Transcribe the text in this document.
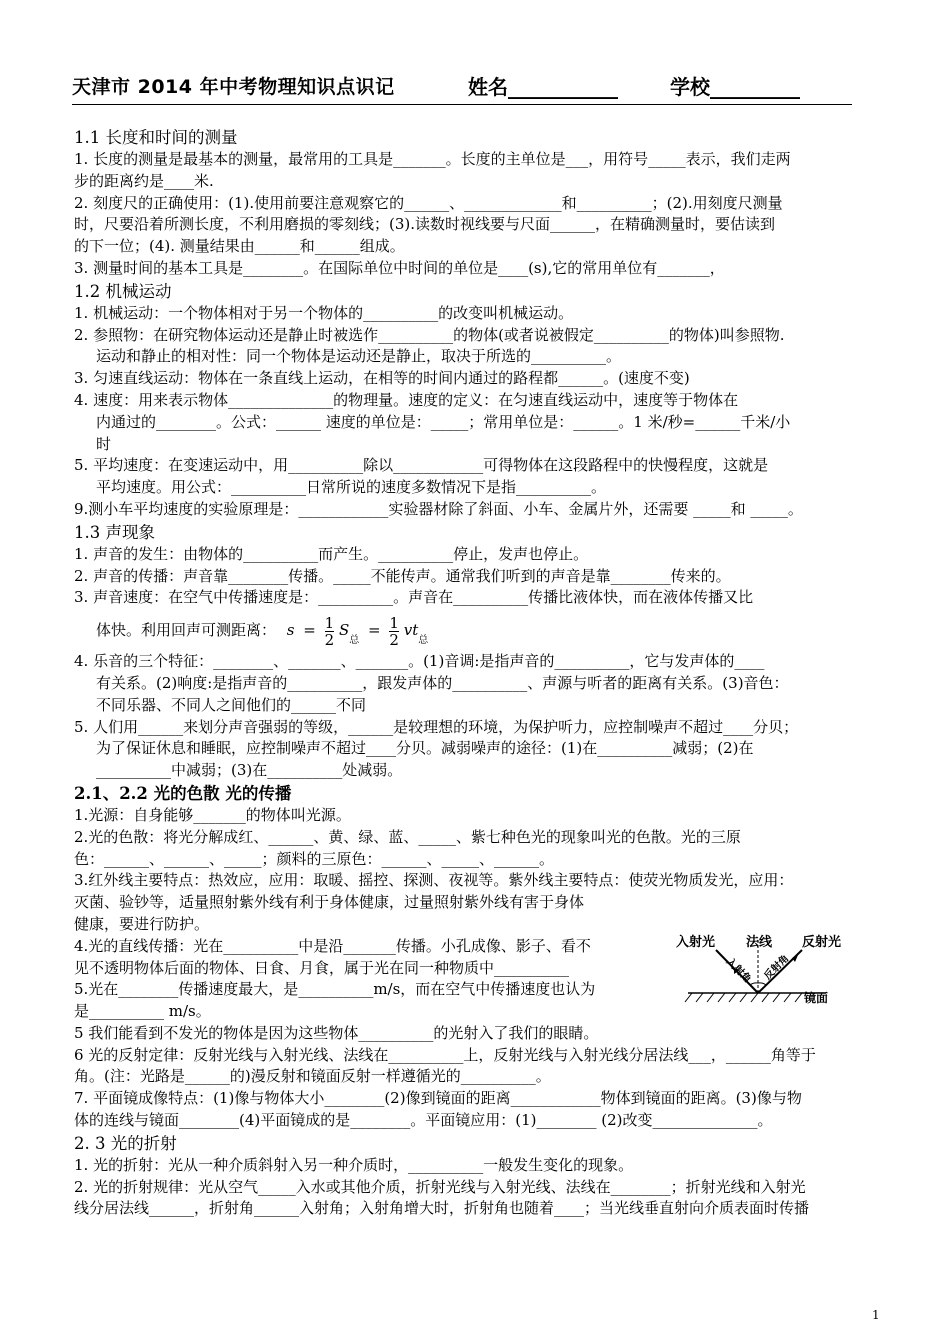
天津市 2014 年中考物理知识点识记	姓名___________	学校_________
1.1 长度和时间的测量
1. 长度的测量是最基本的测量，最常用的工具是_______。长度的主单位是___，用符号_____表示，我们走两
步的距离约是____米.
2. 刻度尺的正确使用：(1).使用前要注意观察它的______、_____________和__________；(2).用刻度尺测量
时，尺要沿着所测长度，不利用磨损的零刻线；(3).读数时视线要与尺面______，在精确测量时，要估读到
的下一位；(4). 测量结果由______和______组成。
3. 测量时间的基本工具是________。在国际单位中时间的单位是____(s),它的常用单位有_______，
1.2 机械运动
1. 机械运动：一个物体相对于另一个物体的__________的改变叫机械运动。
2. 参照物：在研究物体运动还是静止时被选作__________的物体(或者说被假定__________的物体)叫参照物.
运动和静止的相对性：同一个物体是运动还是静止，取决于所选的__________。
3. 匀速直线运动：物体在一条直线上运动，在相等的时间内通过的路程都______。(速度不变)
4. 速度：用来表示物体______________的物理量。速度的定义：在匀速直线运动中，速度等于物体在
内通过的________。公式：______ 速度的单位是：_____；常用单位是：______。1 米/秒=______千米/小
时
5. 平均速度：在变速运动中，用__________除以____________可得物体在这段路程中的快慢程度，这就是
平均速度。用公式：__________日常所说的速度多数情况下是指__________。
9.测小车平均速度的实验原理是：____________实验器材除了斜面、小车、金属片外，还需要 _____和 _____。
1.3 声现象
1. 声音的发生：由物体的__________而产生。__________停止，发声也停止。
2. 声音的传播：声音靠________传播。_____不能传声。通常我们听到的声音是靠________传来的。
3. 声音速度：在空气中传播速度是：__________。声音在__________传播比液体快，而在液体传播又比
体快。利用回声可测距离： $s = \frac{1}{2} S_总 = \frac{1}{2} vt_总$
4. 乐音的三个特征：________、_______、_______。(1)音调:是指声音的__________，它与发声体的____
有关系。(2)响度:是指声音的__________，跟发声体的__________、声源与听者的距离有关系。(3)音色：
不同乐器、不同人之间他们的______不同
5. 人们用______来划分声音强弱的等级，______是较理想的环境，为保护听力，应控制噪声不超过____分贝；
为了保证休息和睡眠，应控制噪声不超过____分贝。减弱噪声的途径：(1)在__________减弱；(2)在
__________中减弱；(3)在__________处减弱。
2.1、2.2 光的色散 光的传播
1.光源：自身能够_______的物体叫光源。
2.光的色散：将光分解成红、______、黄、绿、蓝、_____、紫七种色光的现象叫光的色散。光的三原
色：______、______、_____；颜料的三原色：______、_____、______。
3.红外线主要特点：热效应，应用：取暖、摇控、探测、夜视等。紫外线主要特点：使荧光物质发光，应用：
灭菌、验钞等，适量照射紫外线有利于身体健康，过量照射紫外线有害于身体
健康，要进行防护。
4.光的直线传播：光在__________中是沿_______传播。小孔成像、影子、看不
见不透明物体后面的物体、日食、月食，属于光在同一种物质中__________
5.光在________传播速度最大，是__________m/s，而在空气中传播速度也认为
是__________ m/s。
5 我们能看到不发光的物体是因为这些物体__________的光射入了我们的眼睛。
6 光的反射定律：反射光线与入射光线、法线在__________上，反射光线与入射光线分居法线___，______角等于
角。(注：光路是______的)漫反射和镜面反射一样遵循光的__________。
7. 平面镜成像特点：(1)像与物体大小________(2)像到镜面的距离____________物体到镜面的距离。(3)像与物
体的连线与镜面________(4)平面镜成的是________。平面镜应用：(1)________ (2)改变______________。
2. 3 光的折射
1. 光的折射：光从一种介质斜射入另一种介质时，__________一般发生变化的现象。
2. 光的折射规律：光从空气_____入水或其他介质，折射光线与入射光线、法线在________；折射光线和入射光
线分居法线______，折射角______入射角；入射角增大时，折射角也随着____；当光线垂直射向介质表面时传播
入射光 法线 反射光
入射角 反射角
镜面
1
